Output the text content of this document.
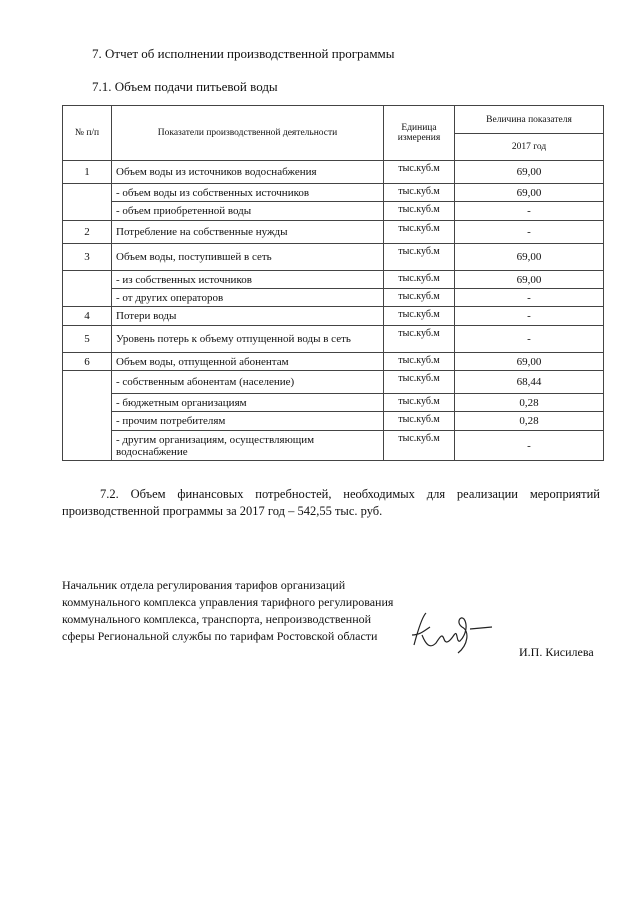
7. Отчет об исполнении производственной программы
7.1. Объем подачи питьевой воды
№ п/п	Показатели производственной деятельности	Единица измерения	Величина показателя
			2017 год
1	Объем воды из источников водоснабжения	тыс.куб.м	69,00
	- объем воды из собственных источников	тыс.куб.м	69,00
	- объем приобретенной воды	тыс.куб.м	-
2	Потребление на собственные нужды	тыс.куб.м	-
3	Объем воды, поступившей в сеть	тыс.куб.м	69,00
	- из собственных источников	тыс.куб.м	69,00
	- от других операторов	тыс.куб.м	-
4	Потери воды	тыс.куб.м	-
5	Уровень потерь к объему отпущенной воды в сеть	тыс.куб.м	-
6	Объем воды, отпущенной абонентам	тыс.куб.м	69,00
	- собственным абонентам (население)	тыс.куб.м	68,44
	- бюджетным организациям	тыс.куб.м	0,28
	- прочим потребителям	тыс.куб.м	0,28
	- другим организациям, осуществляющим водоснабжение	тыс.куб.м	-
7.2. Объем финансовых потребностей, необходимых для реализации мероприятий производственной программы за 2017 год – 542,55 тыс. руб.
Начальник отдела регулирования тарифов организаций коммунального комплекса управления тарифного регулирования коммунального комплекса, транспорта, непроизводственной сферы Региональной службы по тарифам Ростовской области
И.П. Кисилева
